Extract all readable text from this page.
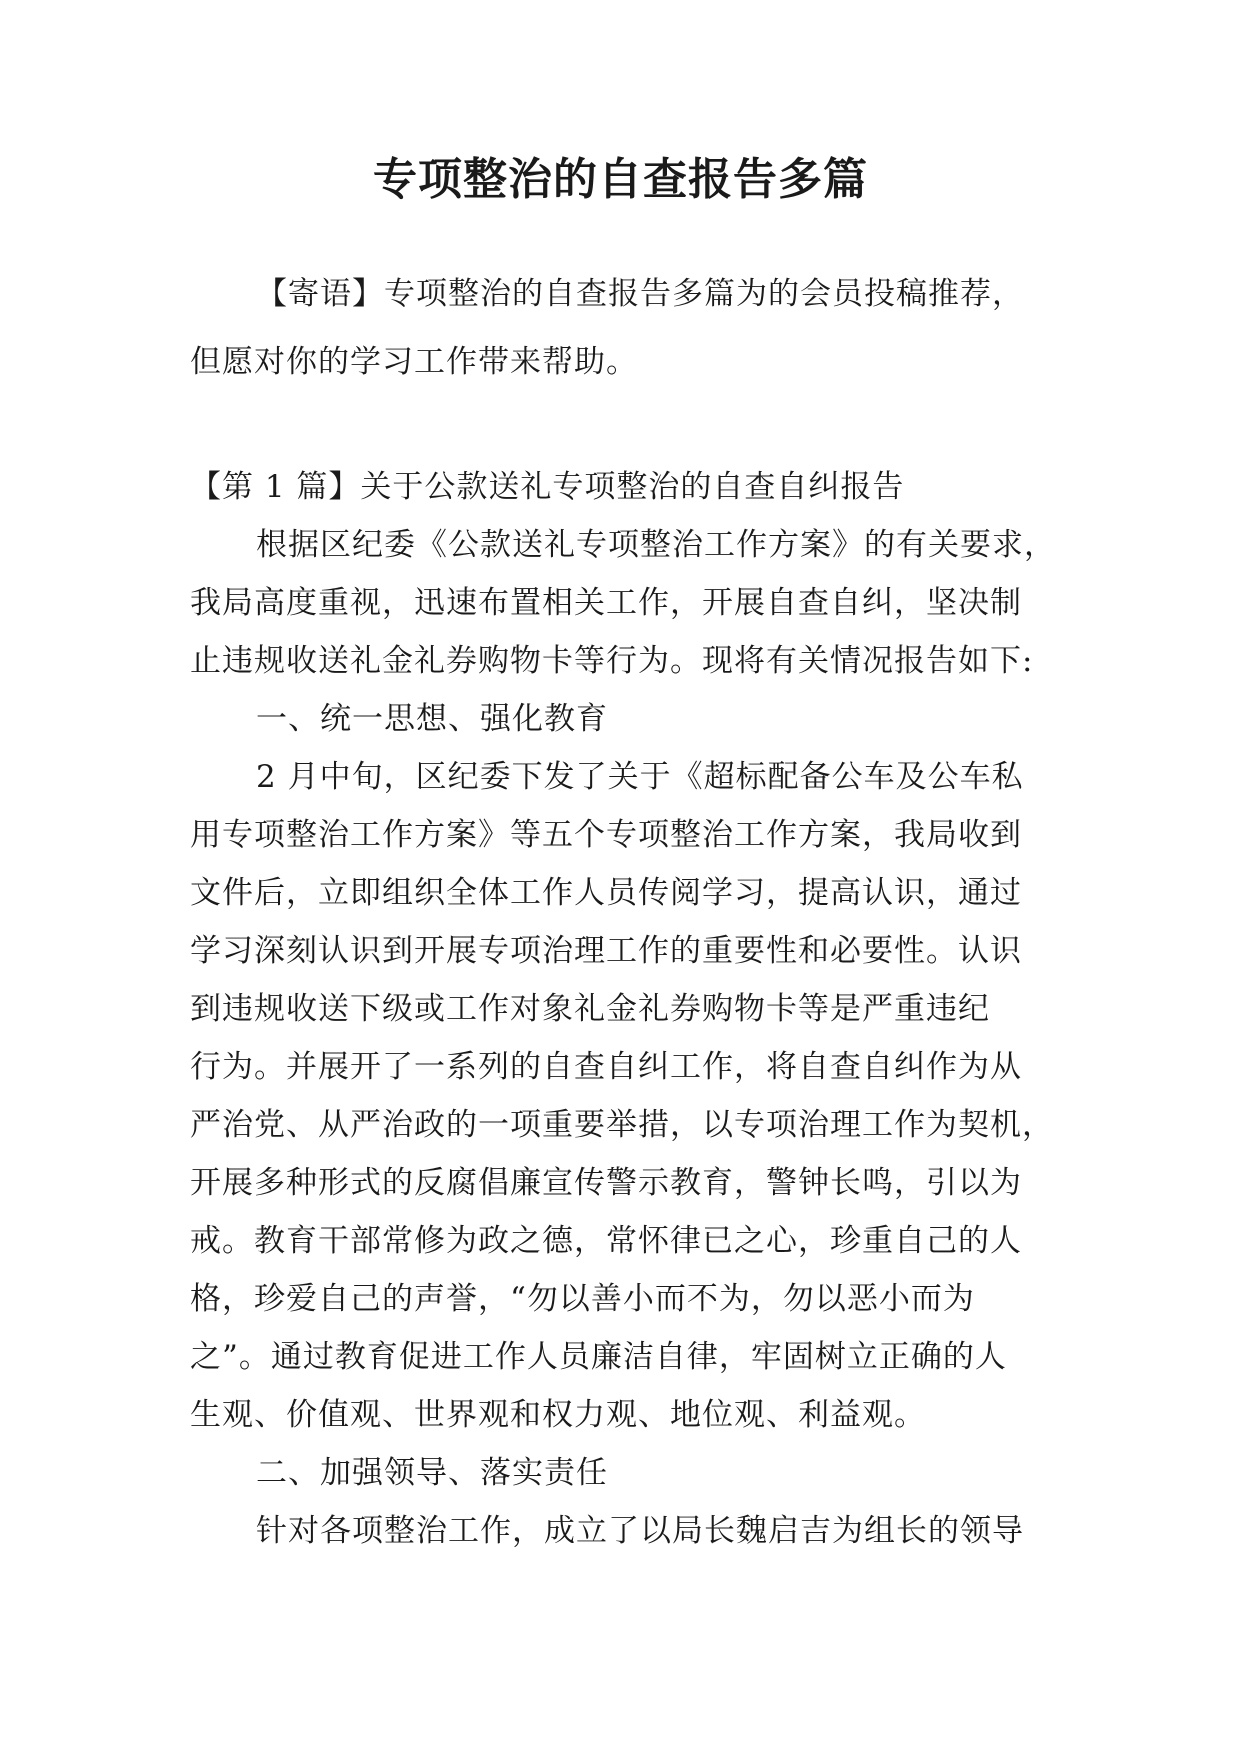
专项整治的自查报告多篇
【寄语】专项整治的自查报告多篇为的会员投稿推荐，
但愿对你的学习工作带来帮助。
【第 1 篇】关于公款送礼专项整治的自查自纠报告
根据区纪委《公款送礼专项整治工作方案》的有关要求，
我局高度重视，迅速布置相关工作，开展自查自纠，坚决制
止违规收送礼金礼券购物卡等行为。现将有关情况报告如下:
一、统一思想、强化教育
2 月中旬，区纪委下发了关于《超标配备公车及公车私
用专项整治工作方案》等五个专项整治工作方案，我局收到
文件后，立即组织全体工作人员传阅学习，提高认识，通过
学习深刻认识到开展专项治理工作的重要性和必要性。认识
到违规收送下级或工作对象礼金礼券购物卡等是严重违纪
行为。并展开了一系列的自查自纠工作，将自查自纠作为从
严治党、从严治政的一项重要举措，以专项治理工作为契机，
开展多种形式的反腐倡廉宣传警示教育，警钟长鸣，引以为
戒。教育干部常修为政之德，常怀律已之心，珍重自己的人
格，珍爱自己的声誉，“勿以善小而不为，勿以恶小而为
之”。通过教育促进工作人员廉洁自律，牢固树立正确的人
生观、价值观、世界观和权力观、地位观、利益观。
二、加强领导、落实责任
针对各项整治工作，成立了以局长魏启吉为组长的领导
